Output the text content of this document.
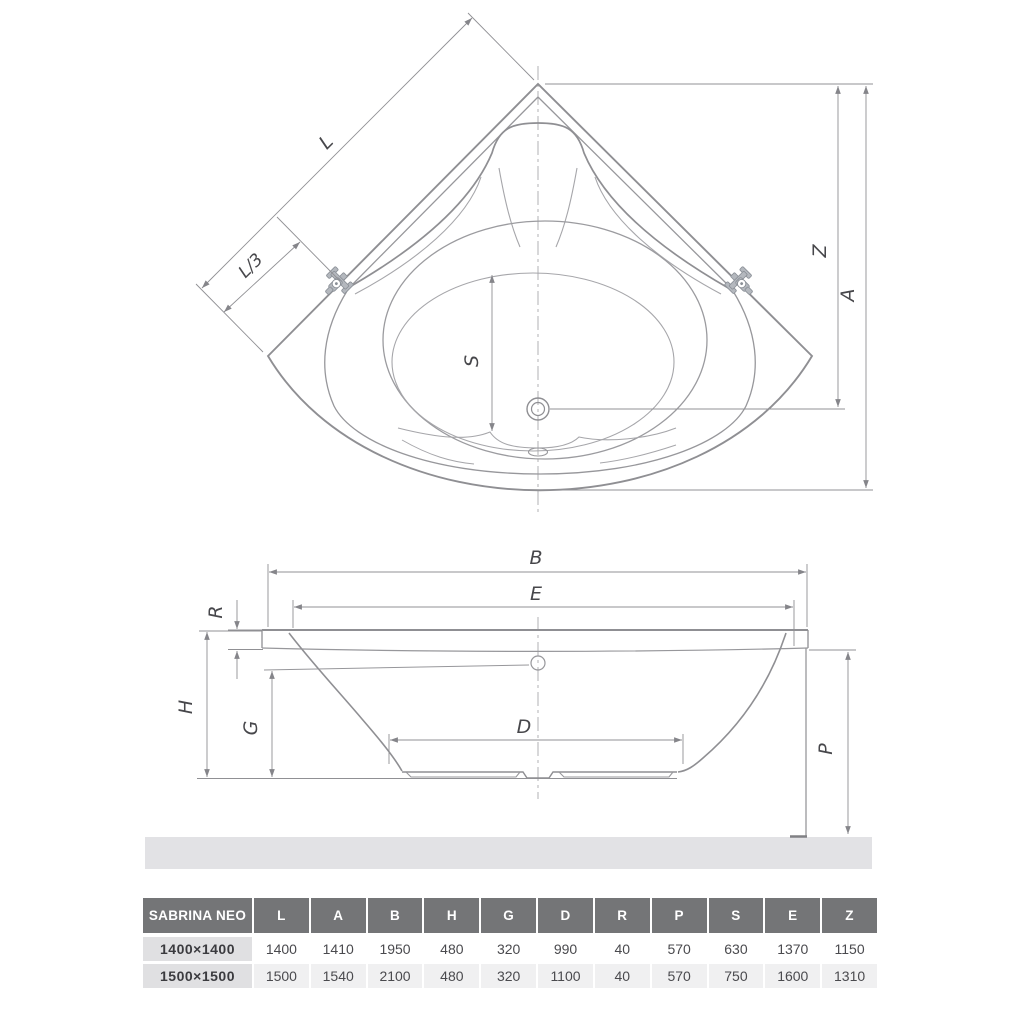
L
L/3	Z
A
S
B
E
R
H
G	D
P
SABRINA NEO	L	A	B	H	G	D	R	P	S	E	Z
1400×1400	1400	1410	1950	480	320	990	40	570	630	1370	1150
1500×1500	1500	1540	2100	480	320	1100	40	570	750	1600	1310
